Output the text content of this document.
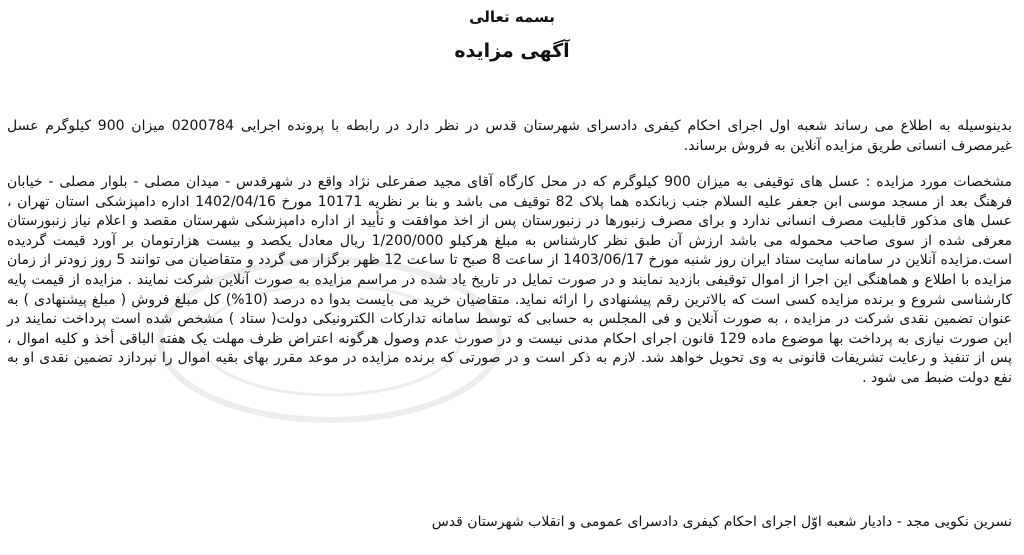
بسمه تعالی
آگهی مزایده
بدینوسیله به اطلاع می رساند شعبه اول اجرای احکام کیفری دادسرای شهرستان قدس در نظر دارد در رابطه با پرونده اجرایی 0200784 میزان 900 کیلوگرم عسل غیرمصرف انسانی طریق مزایده آنلاین به فروش برساند.
مشخصات مورد مزایده : عسل های توقیفی به میزان 900 کیلوگرم که در محل کارگاه آقای مجید صفرعلی نژاد واقع در شهرقدس - میدان مصلی - بلوار مصلی - خیابان فرهنگ بعد از مسجد موسی ابن جعفر علیه السلام جنب زبانکده هما پلاک 82 توقیف می باشد و بنا بر نظریه 10171 مورخ 1402/04/16 اداره دامپزشکی استان تهران ، عسل های مذکور قابلیت مصرف انسانی ندارد و برای مصرف زنبورها در زنبورستان پس از اخذ موافقت و تأیید از اداره دامپزشکی شهرستان مقصد و اعلام نیاز زنبورستان معرفی شده از سوی صاحب محموله می باشد ارزش آن طبق نظر کارشناس به مبلغ هرکیلو 1/200/000 ریال معادل یکصد و بیست هزارتومان بر آورد قیمت گردیده است.مزایده آنلاین در سامانه سایت ستاد ایران روز شنبه مورخ 1403/06/17 از ساعت 8 صبح تا ساعت 12 ظهر برگزار می گردد و متقاضیان می توانند 5 روز زودتر از زمان مزایده با اطلاع و هماهنگی این اجرا از اموال توقیفی بازدید نمایند و در صورت تمایل در تاریخ یاد شده در مراسم مزایده به صورت آنلاین شرکت نمایند . مزایده از قیمت پایه کارشناسی شروع و برنده مزایده کسی است که بالاترین رقم پیشنهادی را ارائه نماید. متقاضیان خرید می بایست بدوا ده درصد (10%) کل مبلغ فروش ( مبلغ پیشنهادی ) به عنوان تضمین نقدی شرکت در مزایده ، به صورت آنلاین و فی المجلس به حسابی که توسط سامانه تدارکات الکترونیکی دولت( ستاد ) مشخص شده است پرداخت نمایند در این صورت نیازی به پرداخت بها موضوع ماده 129 قانون اجرای احکام مدنی نیست و در صورت عدم وصول هرگونه اعتراض ظرف مهلت یک هفته الباقی أخذ و کلیه اموال ، پس از تنفیذ و رعایت تشریفات قانونی به وی تحویل خواهد شد. لازم به ذکر است و در صورتی که برنده مزایده در موعد مقرر بهای بقیه اموال را نپردازد تضمین نقدی او به نفع دولت ضبط می شود .
نسرین نکویی مجد - دادیار شعبه اوّل اجرای احکام کیفری دادسرای عمومی و انقلاب شهرستان قدس
